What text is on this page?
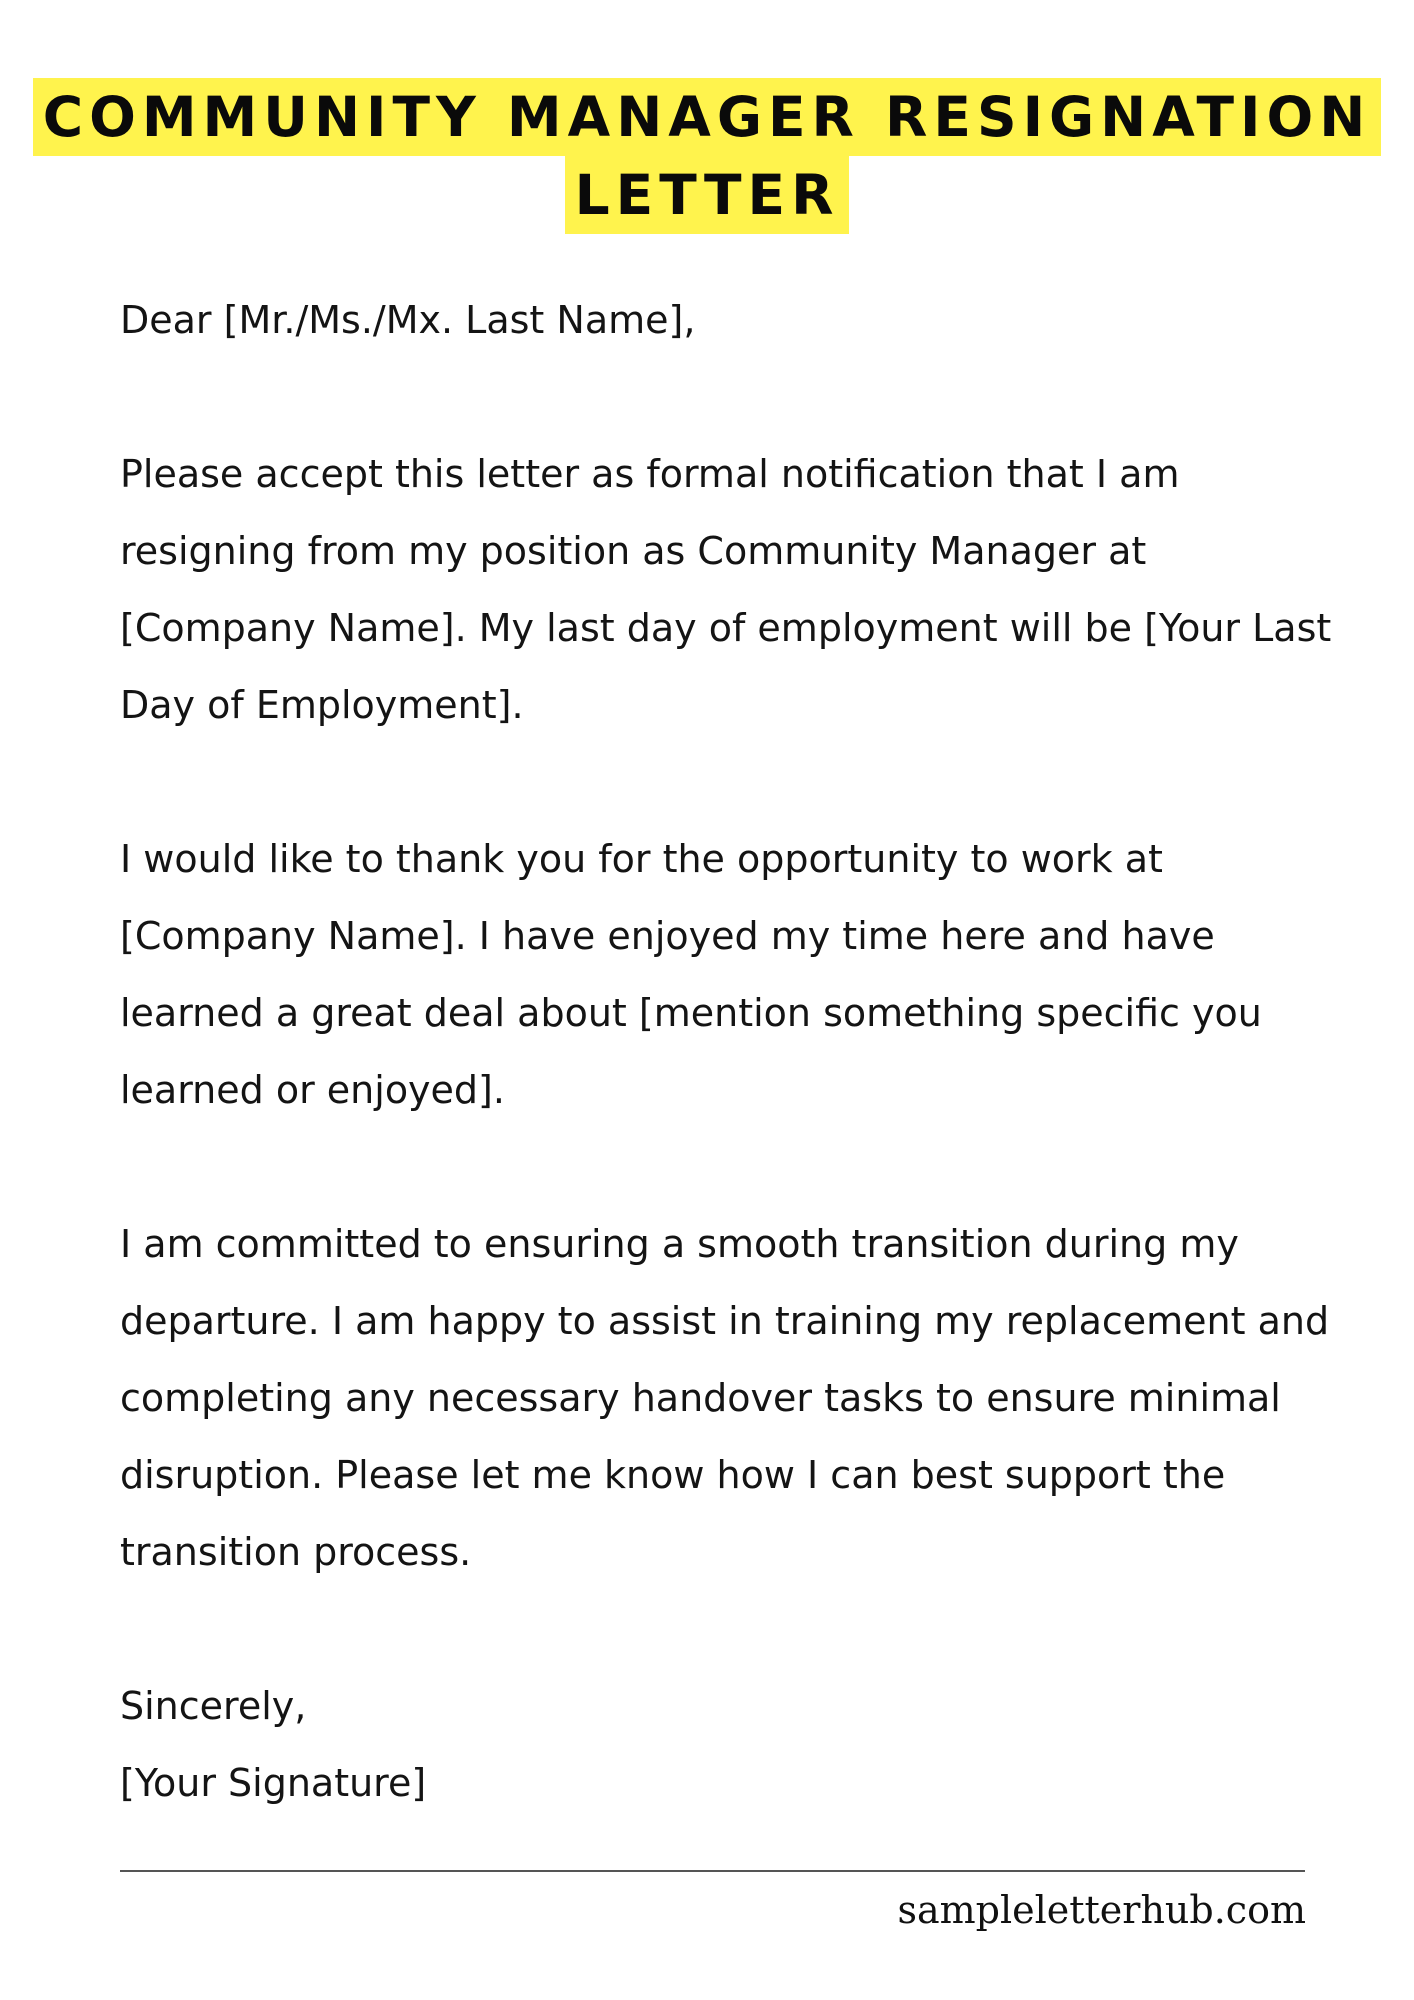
COMMUNITY MANAGER RESIGNATION
LETTER

Dear [Mr./Ms./Mx. Last Name],

Please accept this letter as formal notification that I am resigning from my position as Community Manager at [Company Name]. My last day of employment will be [Your Last Day of Employment].

I would like to thank you for the opportunity to work at [Company Name]. I have enjoyed my time here and have learned a great deal about [mention something specific you learned or enjoyed].

I am committed to ensuring a smooth transition during my departure. I am happy to assist in training my replacement and completing any necessary handover tasks to ensure minimal disruption. Please let me know how I can best support the transition process.

Sincerely,

[Your Signature]

sampleletterhub.com
